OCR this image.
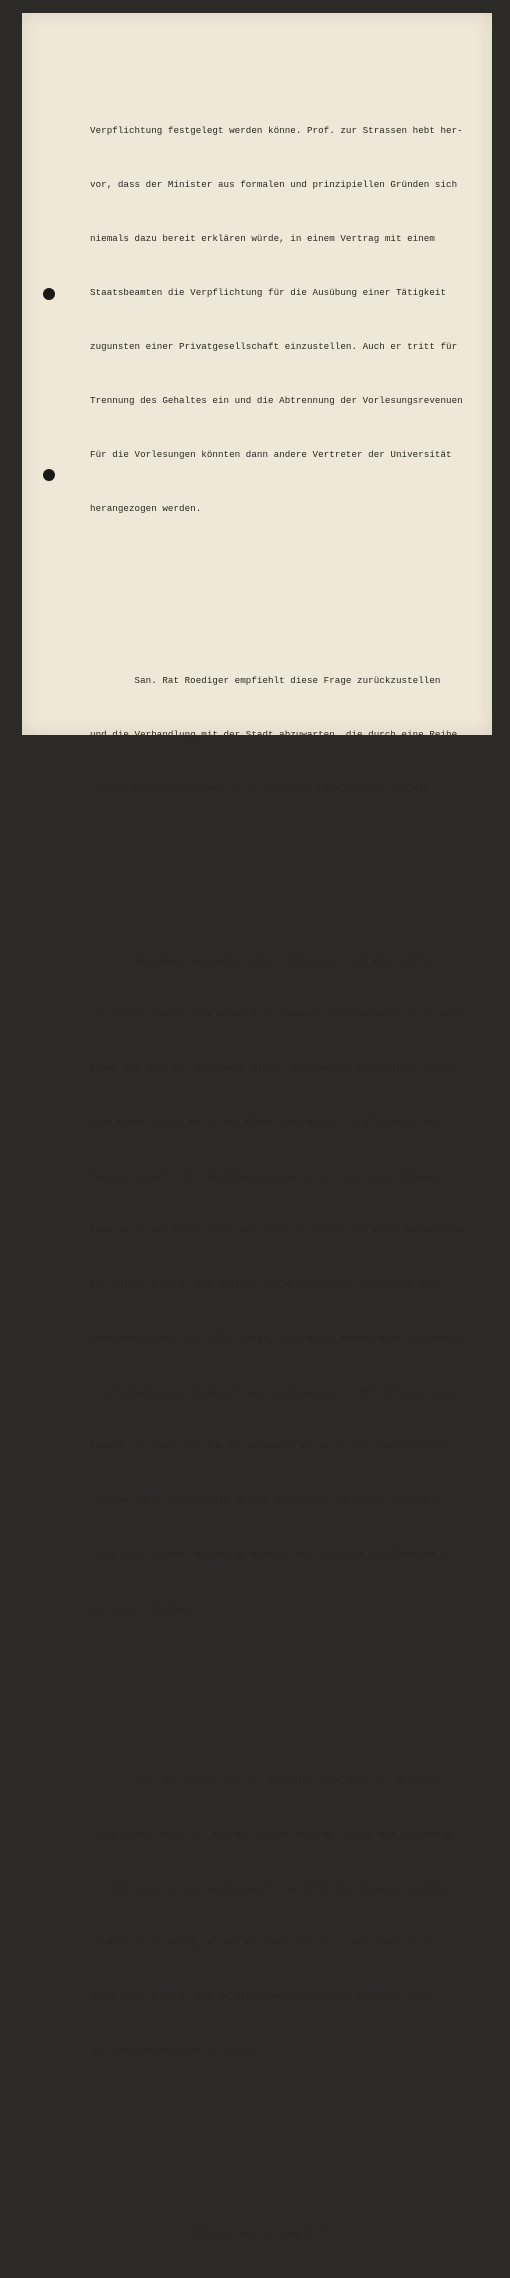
Verpflichtung festgelegt werden könne. Prof. zur Strassen hebt her-

vor, dass der Minister aus formalen und prinzipiellen Gründen sich

niemals dazu bereit erklären würde, in einem Vertrag mit einem

Staatsbeamten die Verpflichtung für die Ausübung einer Tätigkeit

zugunsten einer Privatgesellschaft einzustellen. Auch er tritt für

Trennung des Gehaltes ein und die Abtrennung der Vorlesungsrevenuen

Für die Vorlesungen könnten dann andere Vertreter der Universität

herangezogen werden.

San. Rat Roediger empfiehlt diese Frage zurückzustellen

und die Verhandlung mit der Stadt abzuwarten, die durch eine Reihe

von Personalunionen sich in der gleichen Lage befinde wie wir.

Gegenüber der geäusserten Auffassung, dass ein uns ver-

pflichteter Dozent der Universität unseren Anforderungen nicht nach

kommt und dass wir gegenüber dieser Möglichkeit kein Mittel an der

Hand haben diesen Herrn zur Einhaltung seiner Verpflichtung zu

zwingen, erwähnt Dr. Sack das Vorhandensein einer Untersuchungs-

kommission des Staates bei den Schulen. Es besteht eine Jurisdikton

für solche Beamte, die seitens des Ministeriums genehmigte Neben-

einnahmen haben, die dafür sorgt, dass diese Beamte auch ausserhalb

ihrer staatlichen Tätigkeit den übernommenen Verpflichtungen nach-

kommen. Er führt hierfür verschiedene Beispiele an, aus denen her-

vorgeht, dass Beamte, die solche Nebenämter zur Unzufriedenheit

ihrer Auftraggeber ausführen seitens der obersten Schulbehörde ei-

nen Verweis bekamen.

San. Rat Laquer ist der Ansicht, dass dies für Universi-

täten nicht zutreffe. Bei der Schule habe der Staat ein berechtig-

tes Interesse an der ausübenden Tätigkeit seiner Beamten auch aus-

serhalb ihres Amtes; worauf Dr. Sack erwidert, dass auch nicht

staatliche Beamte, die an einem Schulunterricht amtieren einer

Jurisdikton unterworfen seien.

Schluss der Sitzung 8 $^{20}$ .
